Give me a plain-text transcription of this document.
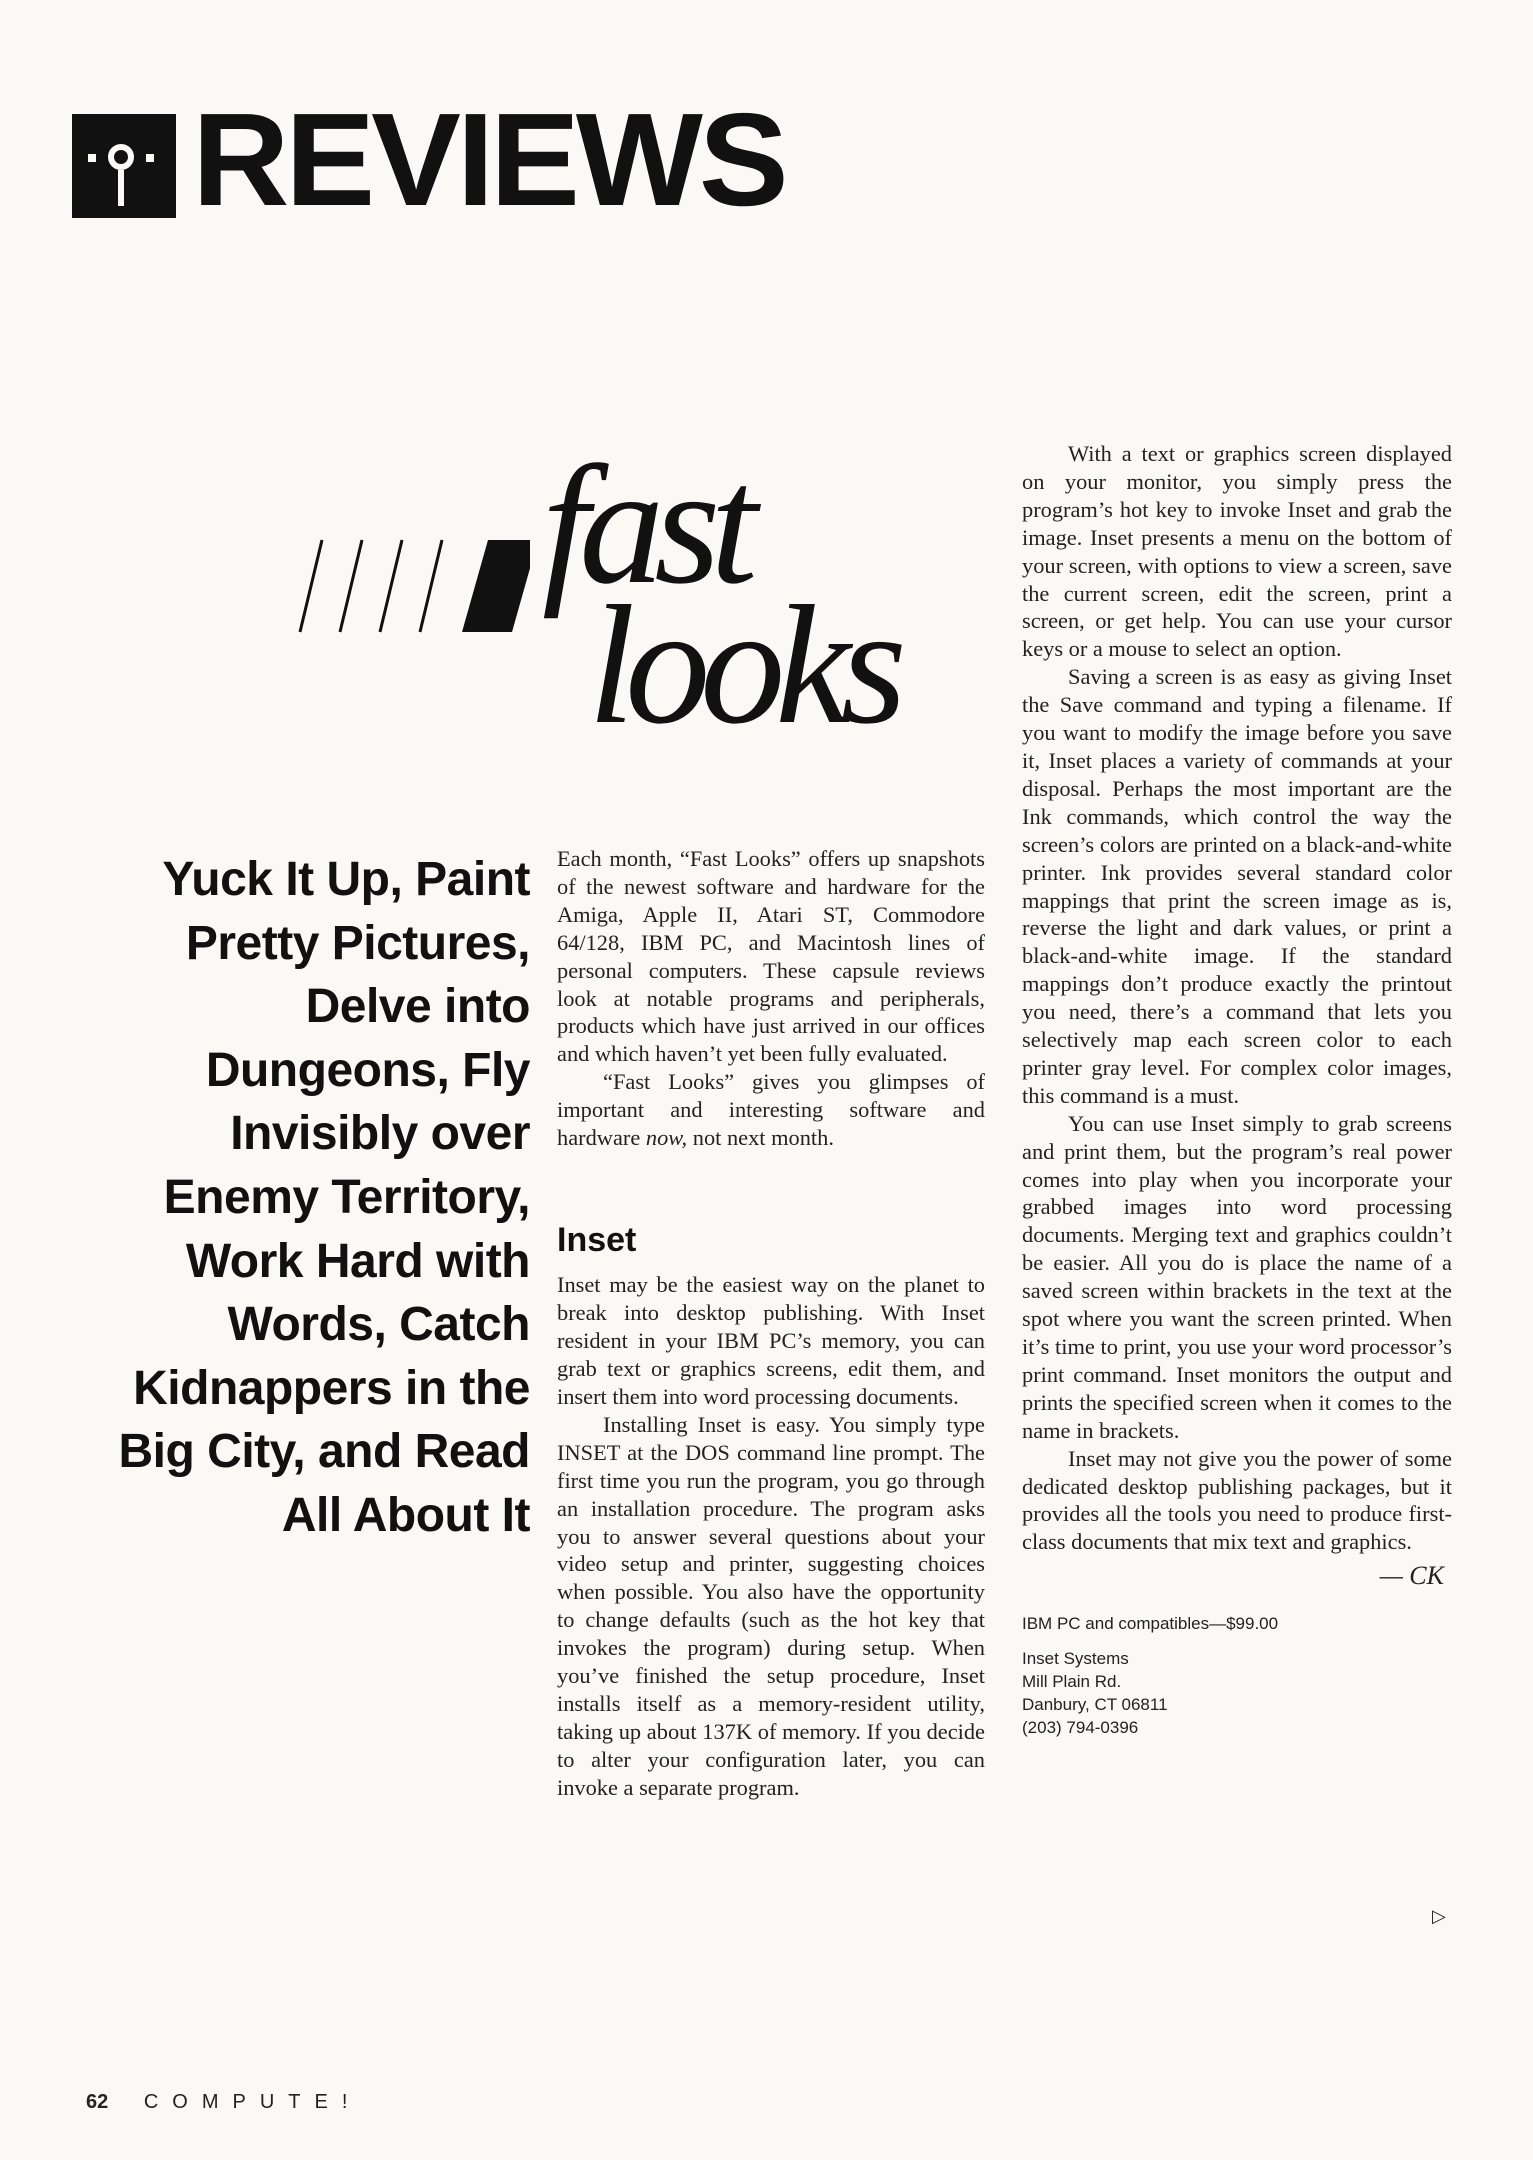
REVIEWS
fast
looks
Yuck It Up, Paint Pretty Pictures, Delve into Dungeons, Fly Invisibly over Enemy Territory, Work Hard with Words, Catch Kidnappers in the Big City, and Read All About It

Each month, “Fast Looks” offers up snapshots of the newest software and hardware for the Amiga, Apple II, Atari ST, Commodore 64/128, IBM PC, and Macintosh lines of personal computers. These capsule reviews look at notable programs and peripherals, products which have just arrived in our offices and which haven’t yet been fully evaluated.

“Fast Looks” gives you glimpses of important and interesting software and hardware now, not next month.

Inset

Inset may be the easiest way on the planet to break into desktop publishing. With Inset resident in your IBM PC’s memory, you can grab text or graphics screens, edit them, and insert them into word processing documents.

Installing Inset is easy. You simply type INSET at the DOS command line prompt. The first time you run the program, you go through an installation procedure. The program asks you to answer several questions about your video setup and printer, suggesting choices when possible. You also have the opportunity to change defaults (such as the hot key that invokes the program) during setup. When you’ve finished the setup procedure, Inset installs itself as a memory-resident utility, taking up about 137K of memory. If you decide to alter your configuration later, you can invoke a separate program.

With a text or graphics screen displayed on your monitor, you simply press the program’s hot key to invoke Inset and grab the image. Inset presents a menu on the bottom of your screen, with options to view a screen, save the current screen, edit the screen, print a screen, or get help. You can use your cursor keys or a mouse to select an option.

Saving a screen is as easy as giving Inset the Save command and typing a filename. If you want to modify the image before you save it, Inset places a variety of commands at your disposal. Perhaps the most important are the Ink commands, which control the way the screen’s colors are printed on a black-and-white printer. Ink provides several standard color mappings that print the screen image as is, reverse the light and dark values, or print a black-and-white image. If the standard mappings don’t produce exactly the printout you need, there’s a command that lets you selectively map each screen color to each printer gray level. For complex color images, this command is a must.

You can use Inset simply to grab screens and print them, but the program’s real power comes into play when you incorporate your grabbed images into word processing documents. Merging text and graphics couldn’t be easier. All you do is place the name of a saved screen within brackets in the text at the spot where you want the screen printed. When it’s time to print, you use your word processor’s print command. Inset monitors the output and prints the specified screen when it comes to the name in brackets.

Inset may not give you the power of some dedicated desktop publishing packages, but it provides all the tools you need to produce first-class documents that mix text and graphics.

— CK
IBM PC and compatibles—$99.00
Inset Systems
Mill Plain Rd.
Danbury, CT 06811
(203) 794-0396
▷
62 COMPUTE!
